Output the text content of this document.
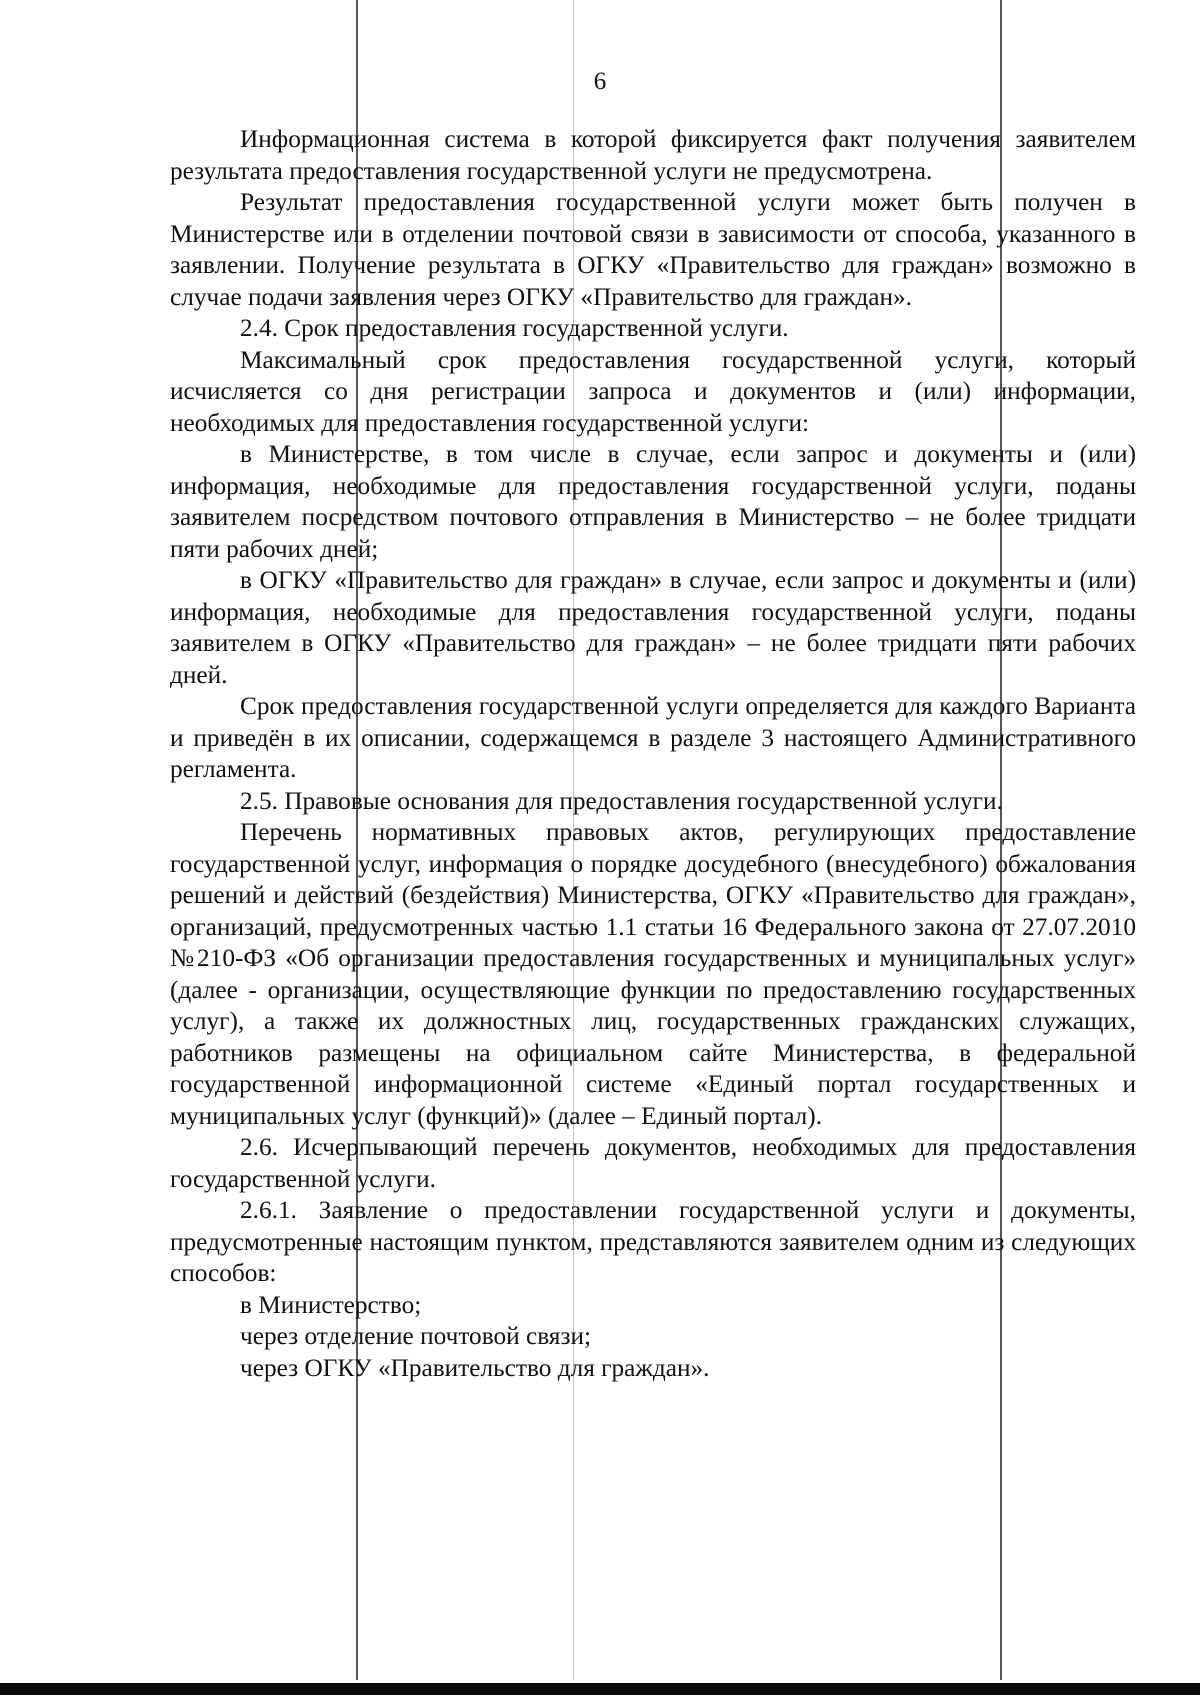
6

Информационная система в которой фиксируется факт получения заявителем результата предоставления государственной услуги не предусмотрена.

Результат предоставления государственной услуги может быть получен в Министерстве или в отделении почтовой связи в зависимости от способа, указанного в заявлении. Получение результата в ОГКУ «Правительство для граждан» возможно в случае подачи заявления через ОГКУ «Правительство для граждан».

2.4. Срок предоставления государственной услуги.

Максимальный срок предоставления государственной услуги, который исчисляется со дня регистрации запроса и документов и (или) информации, необходимых для предоставления государственной услуги:

в Министерстве, в том числе в случае, если запрос и документы и (или) информация, необходимые для предоставления государственной услуги, поданы заявителем посредством почтового отправления в Министерство – не более тридцати пяти рабочих дней;

в ОГКУ «Правительство для граждан» в случае, если запрос и документы и (или) информация, необходимые для предоставления государственной услуги, поданы заявителем в ОГКУ «Правительство для граждан» – не более тридцати пяти рабочих дней.

Срок предоставления государственной услуги определяется для каждого Варианта и приведён в их описании, содержащемся в разделе 3 настоящего Административного регламента.

2.5. Правовые основания для предоставления государственной услуги.

Перечень нормативных правовых актов, регулирующих предоставление государственной услуг, информация о порядке досудебного (внесудебного) обжалования решений и действий (бездействия) Министерства, ОГКУ «Правительство для граждан», организаций, предусмотренных частью 1.1 статьи 16 Федерального закона от 27.07.2010 №210-ФЗ «Об организации предоставления государственных и муниципальных услуг» (далее - организации, осуществляющие функции по предоставлению государственных услуг), а также их должностных лиц, государственных гражданских служащих, работников размещены на официальном сайте Министерства, в федеральной государственной информационной системе «Единый портал государственных и муниципальных услуг (функций)» (далее – Единый портал).

2.6. Исчерпывающий перечень документов, необходимых для предоставления государственной услуги.

2.6.1. Заявление о предоставлении государственной услуги и документы, предусмотренные настоящим пунктом, представляются заявителем одним из следующих способов:

в Министерство;

через отделение почтовой связи;

через ОГКУ «Правительство для граждан».
